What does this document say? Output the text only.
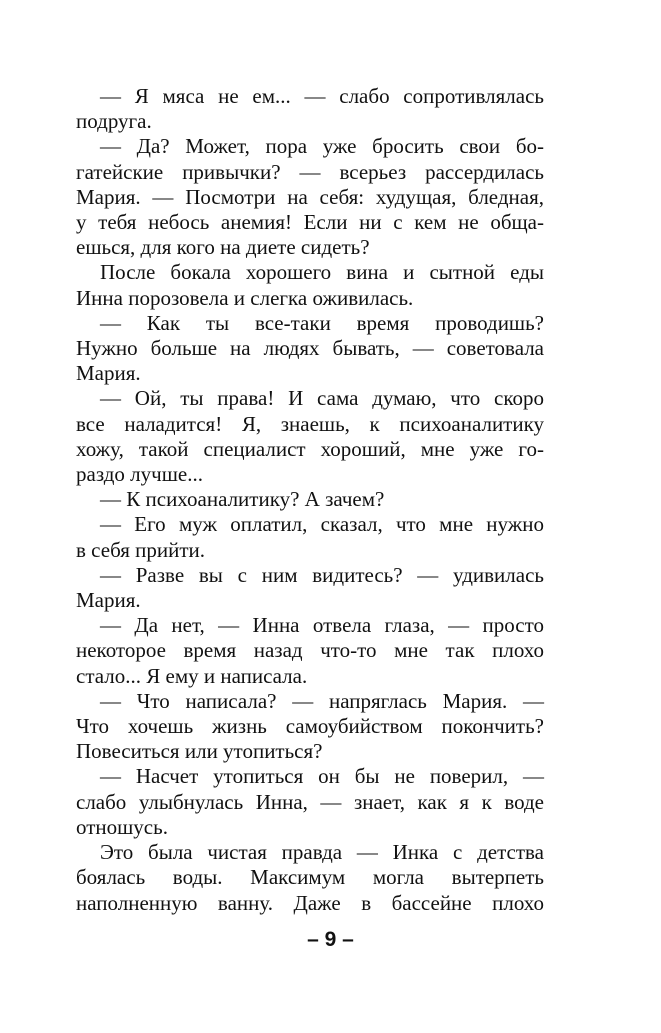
— Я мяса не ем... — слабо сопротивлялась
подруга.
— Да? Может, пора уже бросить свои бо-
гатейские привычки? — всерьез рассердилась
Мария. — Посмотри на себя: худущая, бледная,
у тебя небось анемия! Если ни с кем не обща-
ешься, для кого на диете сидеть?
После бокала хорошего вина и сытной еды
Инна порозовела и слегка оживилась.
— Как ты все-таки время проводишь?
Нужно больше на людях бывать, — советовала
Мария.
— Ой, ты права! И сама думаю, что скоро
все наладится! Я, знаешь, к психоаналитику
хожу, такой специалист хороший, мне уже го-
раздо лучше...
— К психоаналитику? А зачем?
— Его муж оплатил, сказал, что мне нужно
в себя прийти.
— Разве вы с ним видитесь? — удивилась
Мария.
— Да нет, — Инна отвела глаза, — просто
некоторое время назад что-то мне так плохо
стало... Я ему и написала.
— Что написала? — напряглась Мария. —
Что хочешь жизнь самоубийством покончить?
Повеситься или утопиться?
— Насчет утопиться он бы не поверил, —
слабо улыбнулась Инна, — знает, как я к воде
отношусь.
Это была чистая правда — Инка с детства
боялась воды. Максимум могла вытерпеть
наполненную ванну. Даже в бассейне плохо
– 9 –
